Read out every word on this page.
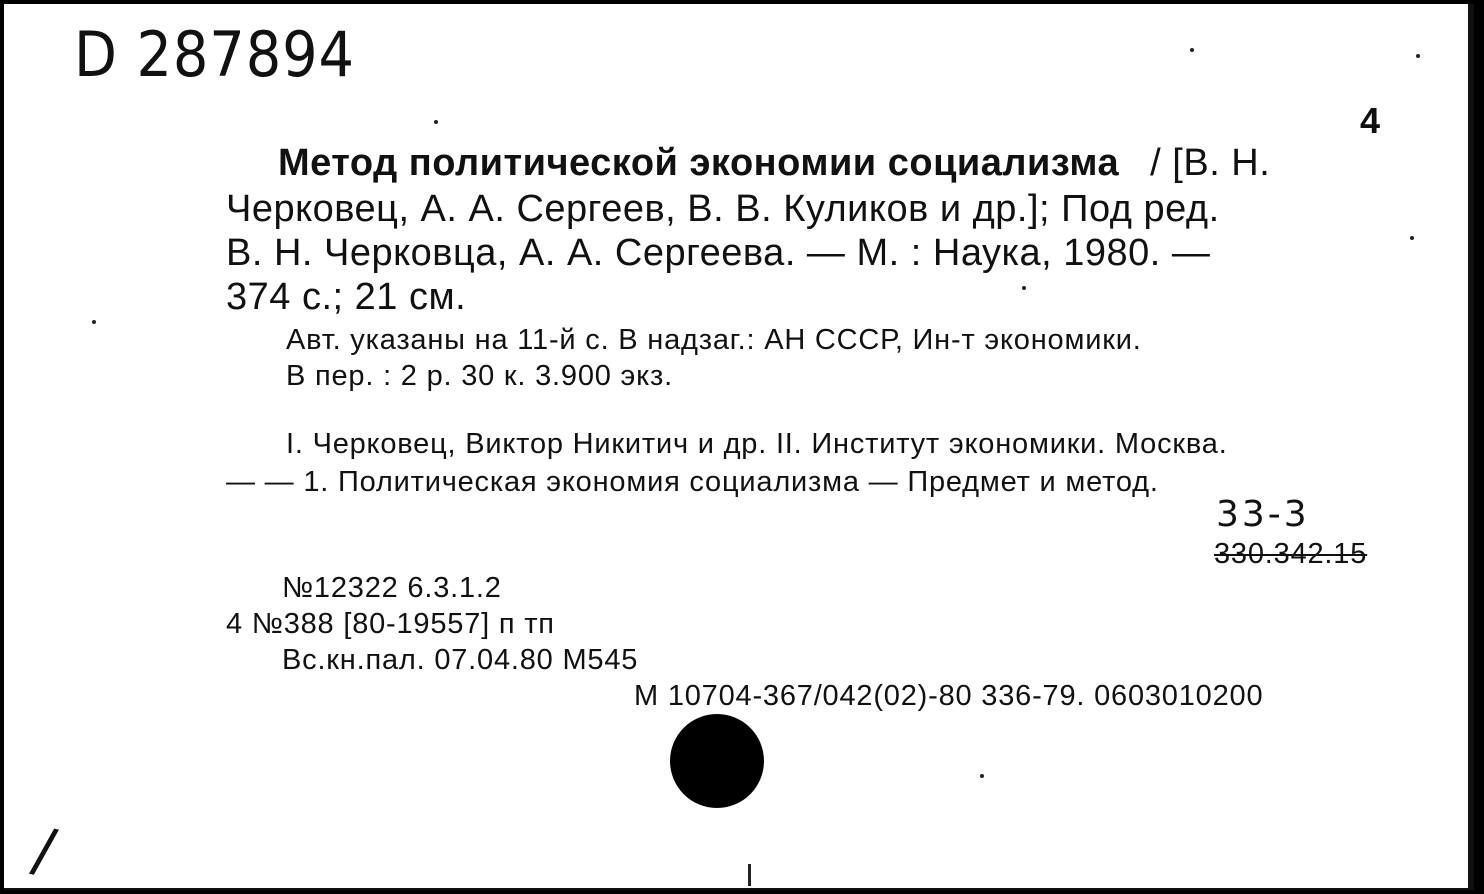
D 287894
4
Метод политической экономии социализма / [В. Н.
Черковец, А. А. Сергеев, В. В. Куликов и др.]; Под ред.
В. Н. Черковца, А. А. Сергеева. — М. : Наука, 1980. —
374 с.; 21 см.
Авт. указаны на 11-й с. В надзаг.: АН СССР, Ин-т экономики.
В пер. : 2 р. 30 к. 3.900 экз.
I. Черковец, Виктор Никитич и др. II. Институт экономики. Москва.
— — 1. Политическая экономия социализма — Предмет и метод.
33-3
330.342.15
№12322 6.3.1.2
4 №388 [80-19557] п тп
Вс.кн.пал. 07.04.80 М545
М 10704-367/042(02)-80 336-79. 0603010200
/
